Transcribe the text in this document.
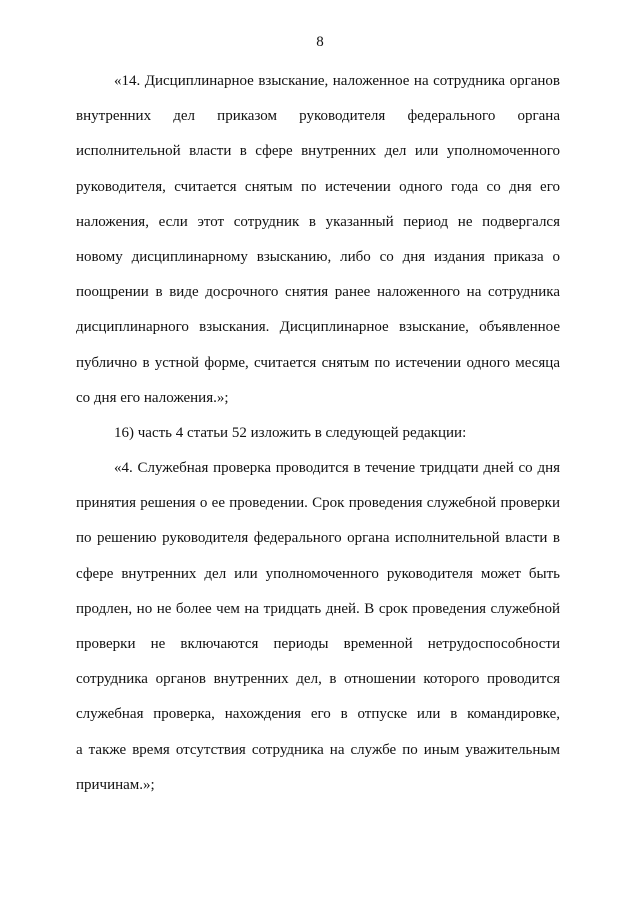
8
«14. Дисциплинарное взыскание, наложенное на сотрудника органов
внутренних дел приказом руководителя федерального органа
исполнительной власти в сфере внутренних дел или уполномоченного
руководителя, считается снятым по истечении одного года со дня его
наложения, если этот сотрудник в указанный период не подвергался
новому дисциплинарному взысканию, либо со дня издания приказа о
поощрении в виде досрочного снятия ранее наложенного на сотрудника
дисциплинарного взыскания. Дисциплинарное взыскание, объявленное
публично в устной форме, считается снятым по истечении одного месяца
со дня его наложения.»;
16) часть 4 статьи 52 изложить в следующей редакции:
«4. Служебная проверка проводится в течение тридцати дней со дня
принятия решения о ее проведении. Срок проведения служебной проверки
по решению руководителя федерального органа исполнительной власти в
сфере внутренних дел или уполномоченного руководителя может быть
продлен, но не более чем на тридцать дней. В срок проведения служебной
проверки не включаются периоды временной нетрудоспособности
сотрудника органов внутренних дел, в отношении которого проводится
служебная проверка, нахождения его в отпуске или в командировке,
а также время отсутствия сотрудника на службе по иным уважительным
причинам.»;
